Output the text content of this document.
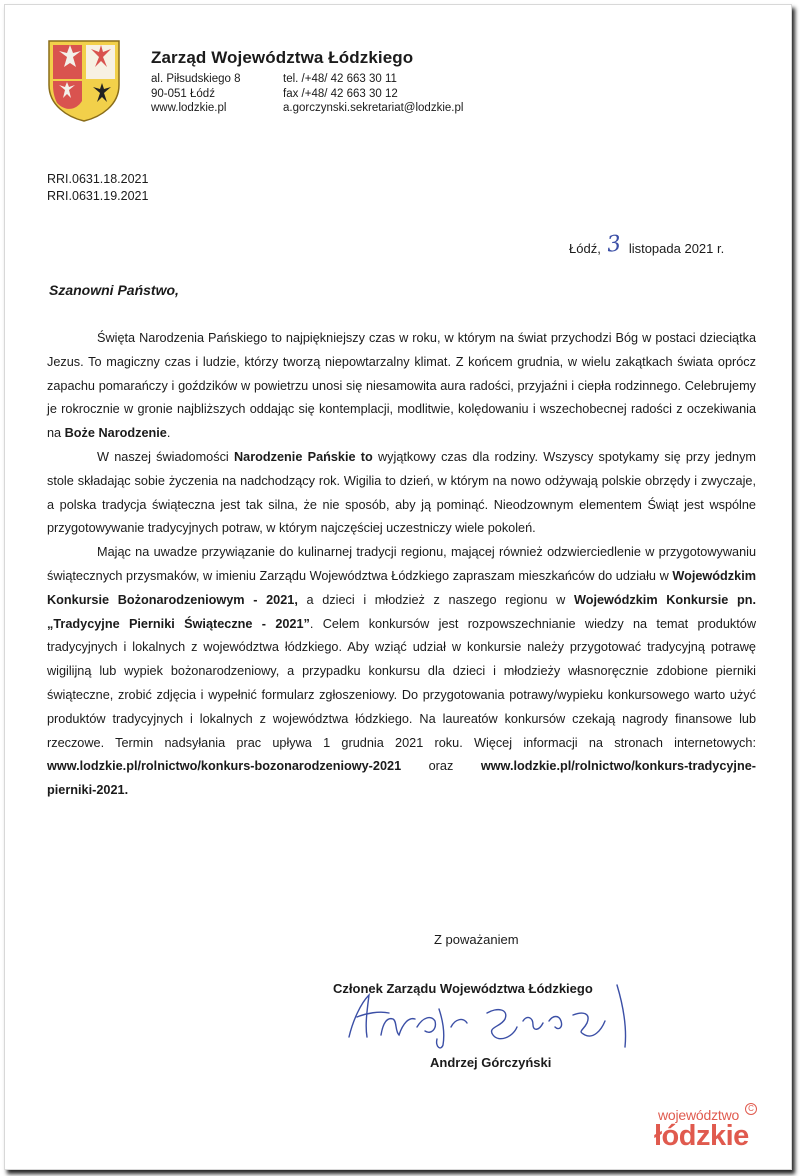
Zarząd Województwa Łódzkiego
al. Piłsudskiego 8
90-051 Łódź
www.lodzkie.pl
tel. /+48/ 42 663 30 11
fax /+48/ 42 663 30 12
a.gorczynski.sekretariat@lodzkie.pl
RRI.0631.18.2021
RRI.0631.19.2021
Łódź, 3 listopada 2021 r.
Szanowni Państwo,

Święta Narodzenia Pańskiego to najpiękniejszy czas w roku, w którym na świat przychodzi Bóg w postaci dzieciątka Jezus. To magiczny czas i ludzie, którzy tworzą niepowtarzalny klimat. Z końcem grudnia, w wielu zakątkach świata oprócz zapachu pomarańczy i goździków w powietrzu unosi się niesamowita aura radości, przyjaźni i ciepła rodzinnego. Celebrujemy je rokrocznie w gronie najbliższych oddając się kontemplacji, modlitwie, kolędowaniu i wszechobecnej radości z oczekiwania na Boże Narodzenie.

W naszej świadomości Narodzenie Pańskie to wyjątkowy czas dla rodziny. Wszyscy spotykamy się przy jednym stole składając sobie życzenia na nadchodzący rok. Wigilia to dzień, w którym na nowo odżywają polskie obrzędy i zwyczaje, a polska tradycja świąteczna jest tak silna, że nie sposób, aby ją pominąć. Nieodzownym elementem Świąt jest wspólne przygotowywanie tradycyjnych potraw, w którym najczęściej uczestniczy wiele pokoleń.

Mając na uwadze przywiązanie do kulinarnej tradycji regionu, mającej również odzwierciedlenie w przygotowywaniu świątecznych przysmaków, w imieniu Zarządu Województwa Łódzkiego zapraszam mieszkańców do udziału w Wojewódzkim Konkursie Bożonarodzeniowym - 2021, a dzieci i młodzież z naszego regionu w Wojewódzkim Konkursie pn. „Tradycyjne Pierniki Świąteczne - 2021”. Celem konkursów jest rozpowszechnianie wiedzy na temat produktów tradycyjnych i lokalnych z województwa łódzkiego. Aby wziąć udział w konkursie należy przygotować tradycyjną potrawę wigilijną lub wypiek bożonarodzeniowy, a przypadku konkursu dla dzieci i młodzieży własnoręcznie zdobione pierniki świąteczne, zrobić zdjęcia i wypełnić formularz zgłoszeniowy. Do przygotowania potrawy/wypieku konkursowego warto użyć produktów tradycyjnych i lokalnych z województwa łódzkiego. Na laureatów konkursów czekają nagrody finansowe lub rzeczowe. Termin nadsyłania prac upływa 1 grudnia 2021 roku. Więcej informacji na stronach internetowych: www.lodzkie.pl/rolnictwo/konkurs-bozonarodzeniowy-2021 oraz www.lodzkie.pl/rolnictwo/konkurs-tradycyjne-pierniki-2021.

Z poważaniem
Członek Zarządu Województwa Łódzkiego
Andrzej Górczyński
województwo
łódzkie
C
